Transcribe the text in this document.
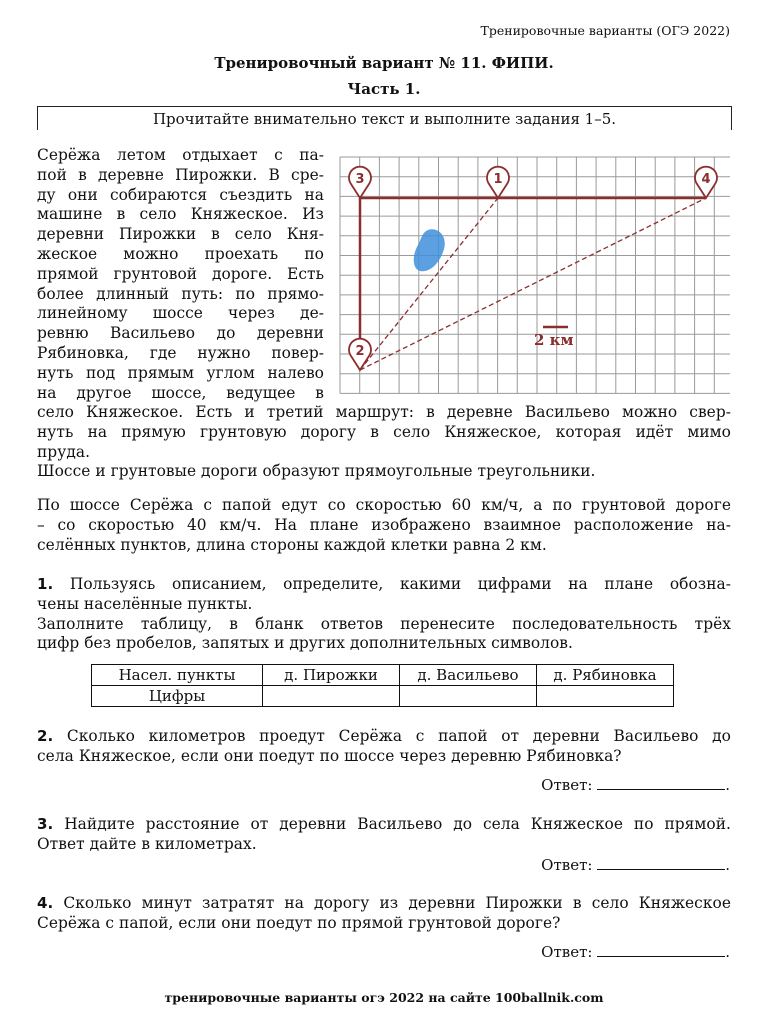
Тренировочные варианты (ОГЭ 2022)
Тренировочный вариант № 11. ФИПИ.
Часть 1.
Прочитайте внимательно текст и выполните задания 1–5.
Серёжа летом отдыхает с па-
пой в деревне Пирожки. В сре-
ду они собираются съездить на
машине в село Княжеское. Из
деревни Пирожки в село Кня-
жеское можно проехать по
прямой грунтовой дороге. Есть
более длинный путь: по прямо-
линейному шоссе через де-
ревню Васильево до деревни
Рябиновка, где нужно повер-
нуть под прямым углом налево
на другое шоссе, ведущее в
село Княжеское. Есть и третий маршрут: в деревне Васильево можно свер-
нуть на прямую грунтовую дорогу в село Княжеское, которая идёт мимо
пруда.
Шоссе и грунтовые дороги образуют прямоугольные треугольники.
По шоссе Серёжа с папой едут со скоростью 60 км/ч, а по грунтовой дороге
– со скоростью 40 км/ч. На плане изображено взаимное расположение на-
селённых пунктов, длина стороны каждой клетки равна 2 км.
2 км
3	1	4
2
1. Пользуясь описанием, определите, какими цифрами на плане обозна-
чены населённые пункты.
Заполните таблицу, в бланк ответов перенесите последовательность трёх
цифр без пробелов, запятых и других дополнительных символов.
Насел. пункты	д. Пирожки	д. Васильево	д. Рябиновка
Цифры			
2. Сколько километров проедут Серёжа с папой от деревни Васильево до
села Княжеское, если они поедут по шоссе через деревню Рябиновка?
Ответ:	.
3. Найдите расстояние от деревни Васильево до села Княжеское по прямой.
Ответ дайте в километрах.
Ответ:	.
4. Сколько минут затратят на дорогу из деревни Пирожки в село Княжеское
Серёжа с папой, если они поедут по прямой грунтовой дороге?
Ответ:	.
тренировочные варианты огэ 2022 на сайте 100ballnik.com
